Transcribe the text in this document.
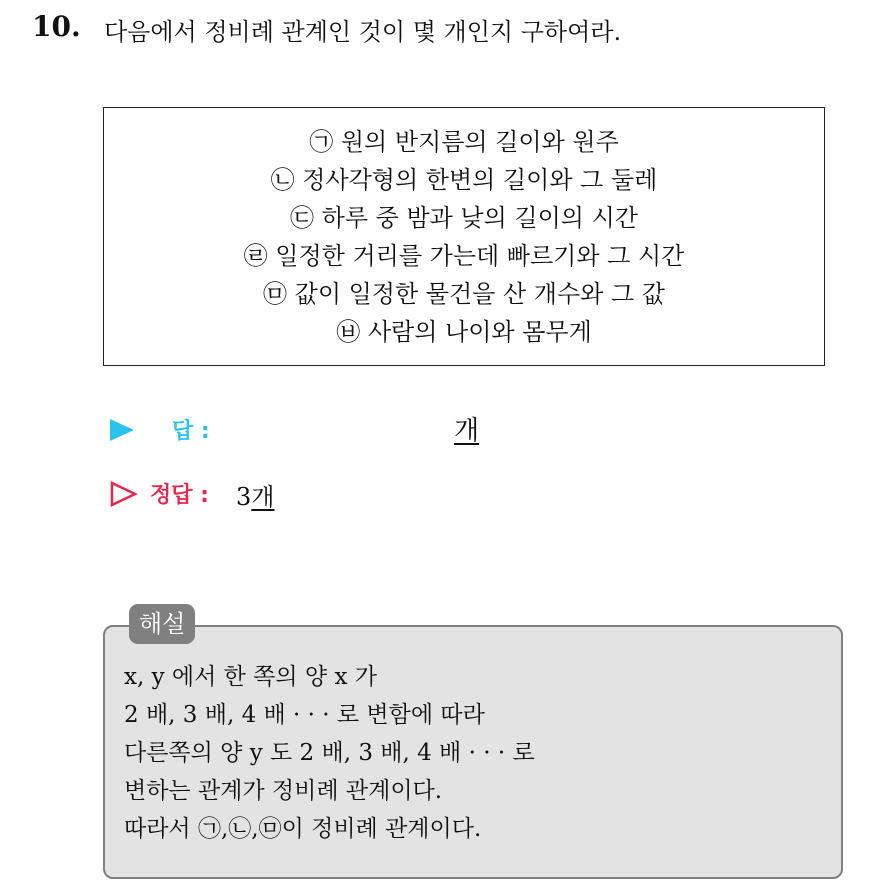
10. 다음에서 정비례 관계인 것이 몇 개인지 구하여라.
㉠ 원의 반지름의 길이와 원주
㉡ 정사각형의 한변의 길이와 그 둘레
㉢ 하루 중 밤과 낮의 길이의 시간
㉣ 일정한 거리를 가는데 빠르기와 그 시간
㉤ 값이 일정한 물건을 산 개수와 그 값
㉥ 사람의 나이와 몸무게
답 :	개
정답 : 3개
해설
x, y 에서 한 쪽의 양 x 가
2 배, 3 배, 4 배 · · · 로 변함에 따라
다른쪽의 양 y 도 2 배, 3 배, 4 배 · · · 로
변하는 관계가 정비례 관계이다.
따라서 ㉠,㉡,㉤이 정비례 관계이다.
